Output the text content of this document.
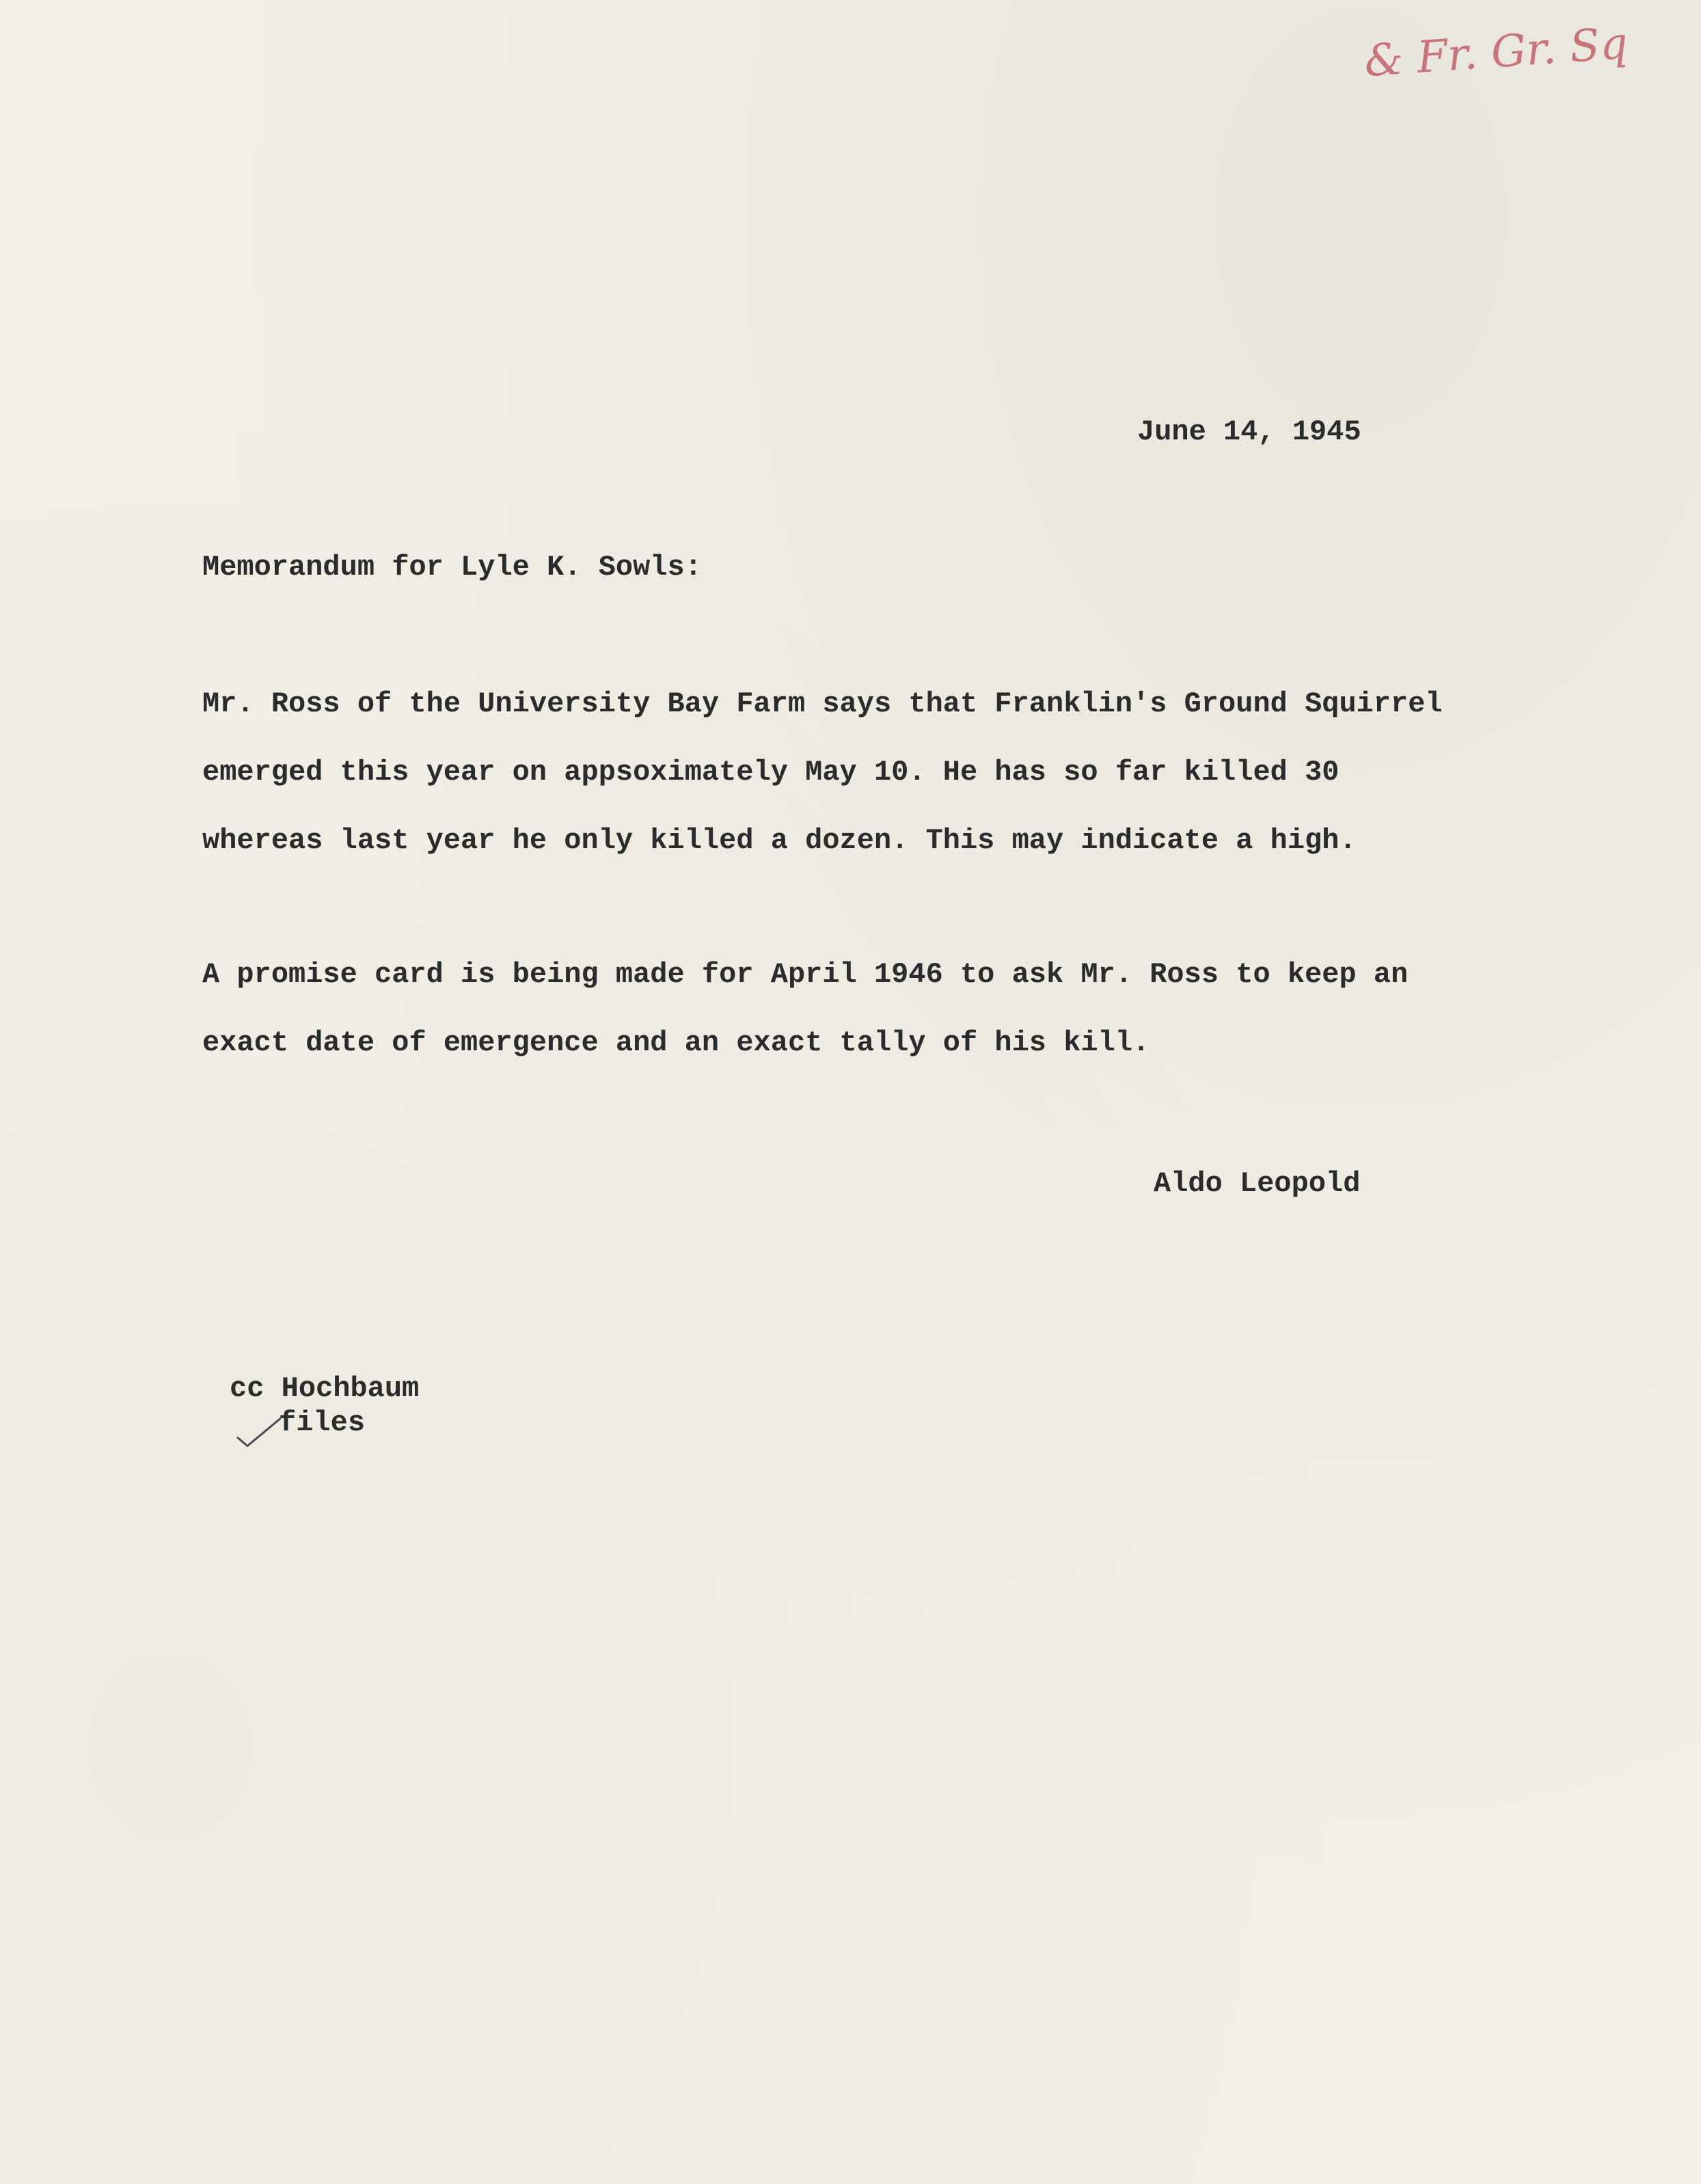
& Fr. Gr. Sq
June 14, 1945
Memorandum for Lyle K. Sowls:
Mr. Ross of the University Bay Farm says that Franklin's Ground Squirrel
emerged this year on appsoximately May 10. He has so far killed 30
whereas last year he only killed a dozen. This may indicate a high.
A promise card is being made for April 1946 to ask Mr. Ross to keep an
exact date of emergence and an exact tally of his kill.
Aldo Leopold
cc Hochbaum
files
